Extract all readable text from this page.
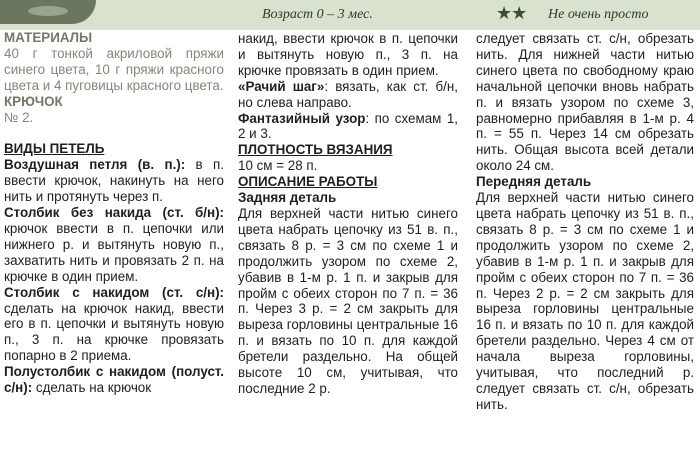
Возраст 0 – 3 мес.	★★ Не очень просто

МАТЕРИАЛЫ

40 г тонкой акриловой пряжи синего цвета, 10 г пряжи красного цвета и 4 пуговицы красного цвета.

КРЮЧОК

№ 2.

ВИДЫ ПЕТЕЛЬ

Воздушная петля (в. п.): в п. ввести крючок, накинуть на него нить и протянуть через п.

Столбик без накида (ст. б/н): крючок ввести в п. цепочки или нижнего р. и вытянуть новую п., захватить нить и провязать 2 п. на крючке в один прием.

Столбик с накидом (ст. с/н): сделать на крючок накид, ввести его в п. цепочки и вытянуть новую п., 3 п. на крючке провязать попарно в 2 приема.

Полустолбик с накидом (полуст. с/н): сделать на крючок

накид, ввести крючок в п. цепочки и вытянуть новую п., 3 п. на крючке провязать в один прием.

«Рачий шаг»: вязать, как ст. б/н, но слева направо.

Фантазийный узор: по схемам 1, 2 и 3.

ПЛОТНОСТЬ ВЯЗАНИЯ

10 см = 28 п.

ОПИСАНИЕ РАБОТЫ

Задняя деталь

Для верхней части нитью синего цвета набрать цепочку из 51 в. п., связать 8 р. = 3 см по схеме 1 и продолжить узором по схеме 2, убавив в 1-м р. 1 п. и закрыв для пройм с обеих сторон по 7 п. = 36 п. Через 3 р. = 2 см закрыть для выреза горловины центральные 16 п. и вязать по 10 п. для каждой бретели раздельно. На общей высоте 10 см, учитывая, что последние 2 р.

следует связать ст. с/н, обрезать нить. Для нижней части нитью синего цвета по свободному краю начальной цепочки вновь набрать п. и вязать узором по схеме 3, равномерно прибавляя в 1-м р. 4 п. = 55 п. Через 14 см обрезать нить. Общая высота всей детали около 24 см.

Передняя деталь

Для верхней части нитью синего цвета набрать цепочку из 51 в. п., связать 8 р. = 3 см по схеме 1 и продолжить узором по схеме 2, убавив в 1-м р. 1 п. и закрыв для пройм с обеих сторон по 7 п. = 36 п. Через 2 р. = 2 см закрыть для выреза горловины центральные 16 п. и вязать по 10 п. для каждой бретели раздельно. Через 4 см от начала выреза горловины, учитывая, что последний р. следует связать ст. с/н, обрезать нить.
